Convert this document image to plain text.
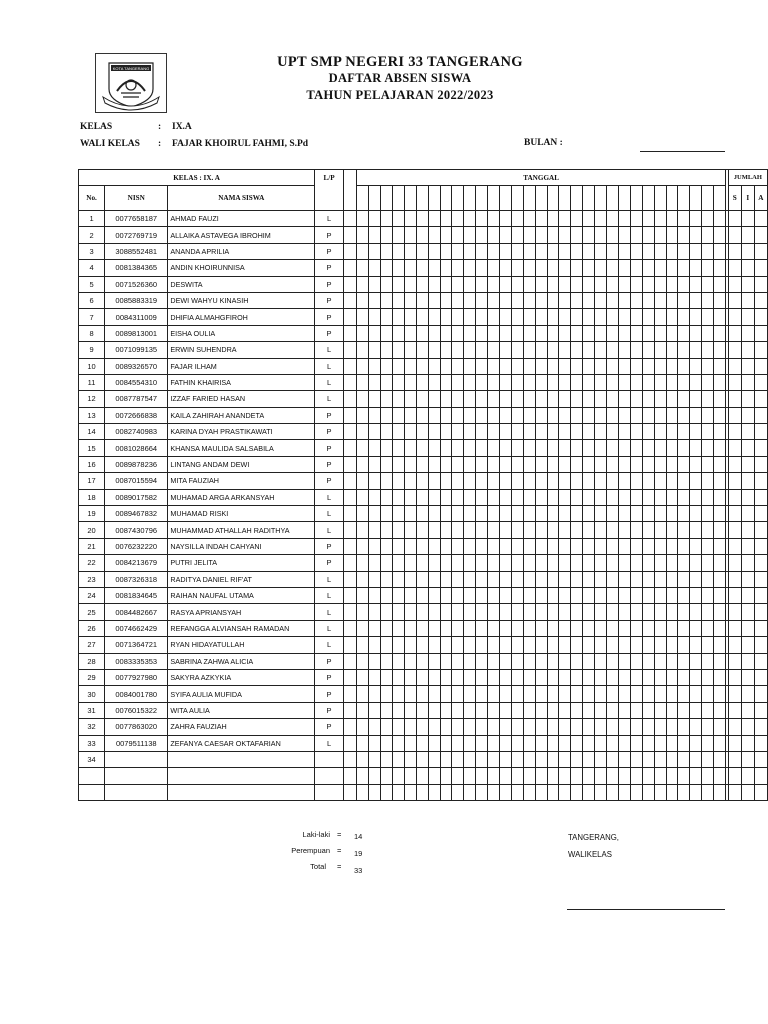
KOTA TANGERANG	UPT SMP NEGERI 33 TANGERANG
DAFTAR ABSEN SISWA
TAHUN PELAJARAN 2022/2023
KELAS	: IX.A
WALI KELAS : FAJAR KHOIRUL FAHMI, S.Pd	BULAN :
KELAS : IX. A			L/P		TANGGAL																																JUMLAH		
No.	NISN	NAMA SISWA																																			S	I	A
1	0077658187	AHMAD FAUZI	L																																				
2	0072769719	ALLAIKA ASTAVEGA IBROHIM	P																																				
3	3088552481	ANANDA APRILIA	P																																				
4	0081384365	ANDIN KHOIRUNNISA	P																																				
5	0071526360	DESWITA	P																																				
6	0085883319	DEWI WAHYU KINASIH	P																																				
7	0084311009	DHIFIA ALMAHGFIROH	P																																				
8	0089813001	EISHA OULIA	P																																				
9	0071099135	ERWIN SUHENDRA	L																																				
10	0089326570	FAJAR ILHAM	L																																				
11	0084554310	FATHIN KHAIRISA	L																																				
12	0087787547	IZZAF FARIED HASAN	L																																				
13	0072666838	KAILA ZAHIRAH ANANDETA	P																																				
14	0082740983	KARINA DYAH PRASTIKAWATI	P																																				
15	0081028664	KHANSA MAULIDA SALSABILA	P																																				
16	0089878236	LINTANG ANDAM DEWI	P																																				
17	0087015594	MITA FAUZIAH	P																																				
18	0089017582	MUHAMAD ARGA ARKANSYAH	L																																				
19	0089467832	MUHAMAD RISKI	L																																				
20	0087430796	MUHAMMAD ATHALLAH RADITHYA	L																																				
21	0076232220	NAYSILLA INDAH CAHYANI	P																																				
22	0084213679	PUTRI JELITA	P																																				
23	0087326318	RADITYA DANIEL RIF'AT	L																																				
24	0081834645	RAIHAN NAUFAL UTAMA	L																																				
25	0084482667	RASYA APRIANSYAH	L																																				
26	0074662429	REFANGGA ALVIANSAH RAMADAN	L																																				
27	0071364721	RYAN HIDAYATULLAH	L																																				
28	0083335353	SABRINA ZAHWA ALICIA	P																																				
29	0077927980	SAKYRA AZKYKIA	P																																				
30	0084001780	SYIFA AULIA MUFIDA	P																																				
31	0076015322	WITA AULIA	P																																				
32	0077863020	ZAHRA FAUZIAH	P																																				
33	0079511138	ZEFANYA CAESAR OKTAFARIAN	L																																				
34																																							

Laki-laki = 14
Perempuan = 19
Total = 33
TANGERANG,
WALIKELAS
